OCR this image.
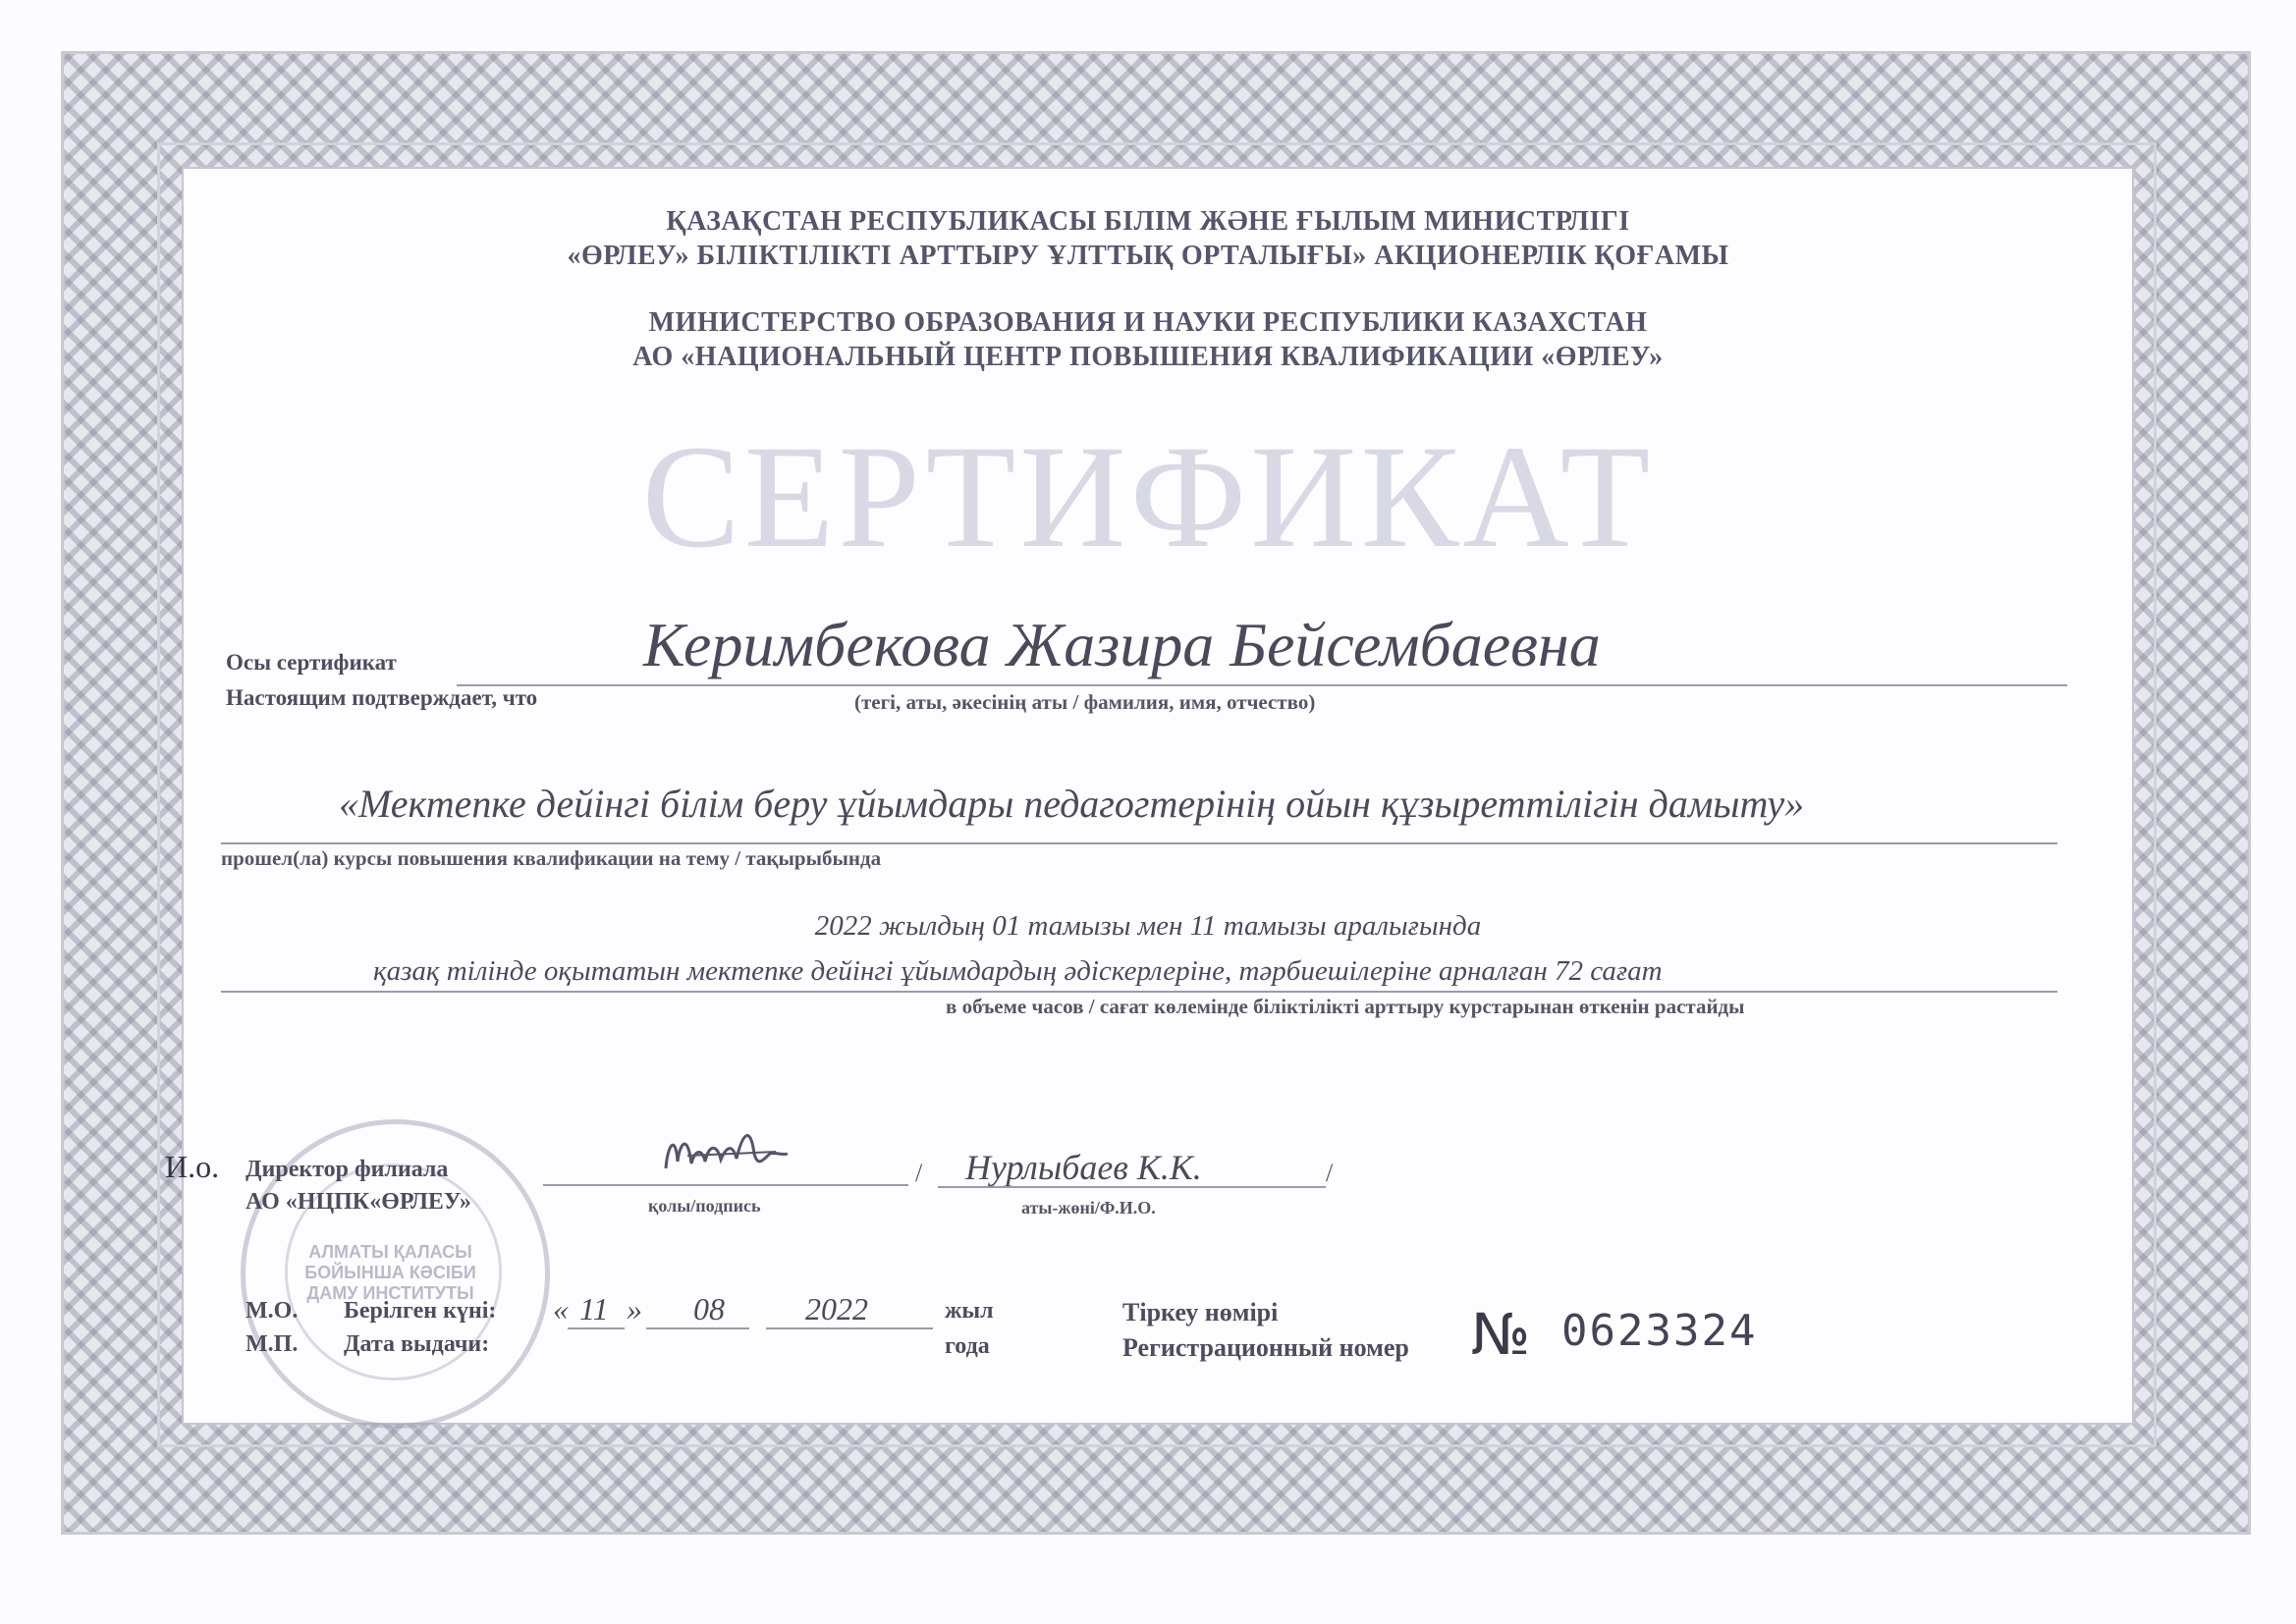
ҚАЗАҚСТАН РЕСПУБЛИКАСЫ БІЛІМ ЖӘНЕ ҒЫЛЫМ МИНИСТРЛІГІ
«ӨРЛЕУ» БІЛІКТІЛІКТІ АРТТЫРУ ҰЛТТЫҚ ОРТАЛЫҒЫ» АКЦИОНЕРЛІК ҚОҒАМЫ
МИНИСТЕРСТВО ОБРАЗОВАНИЯ И НАУКИ РЕСПУБЛИКИ КАЗАХСТАН
АО «НАЦИОНАЛЬНЫЙ ЦЕНТР ПОВЫШЕНИЯ КВАЛИФИКАЦИИ «ӨРЛЕУ»
СЕРТИФИКАТ
Осы сертификат
Настоящим подтверждает, что
Керимбекова Жазира Бейсембаевна
(тегі, аты, әкесінің аты / фамилия, имя, отчество)
«Мектепке дейінгі білім беру ұйымдары педагогтерінің ойын құзыреттілігін дамыту»
прошел(ла) курсы повышения квалификации на тему / тақырыбында
2022 жылдың 01 тамызы мен 11 тамызы аралығында
қазақ тілінде оқытатын мектепке дейінгі ұйымдардың әдіскерлеріне, тәрбиешілеріне арналған 72 сағат
в объеме часов / сағат көлемінде біліктілікті арттыру курстарынан өткенін растайды
АЛМАТЫ ҚАЛАСЫ БОЙЫНША КӘСІБИ ДАМУ ИНСТИТУТЫ
И.о. Директор филиала
АО «НЦПК«ӨРЛЕУ»
/
қолы/подпись
Нурлыбаев К.К.	/
аты-жөні/Ф.И.О.
М.О.
М.П.
Берілген күні:
Дата выдачи:
« 11 » 08	2022	жыл
года
Тіркеу нөмірі
Регистрационный номер № 0623324
